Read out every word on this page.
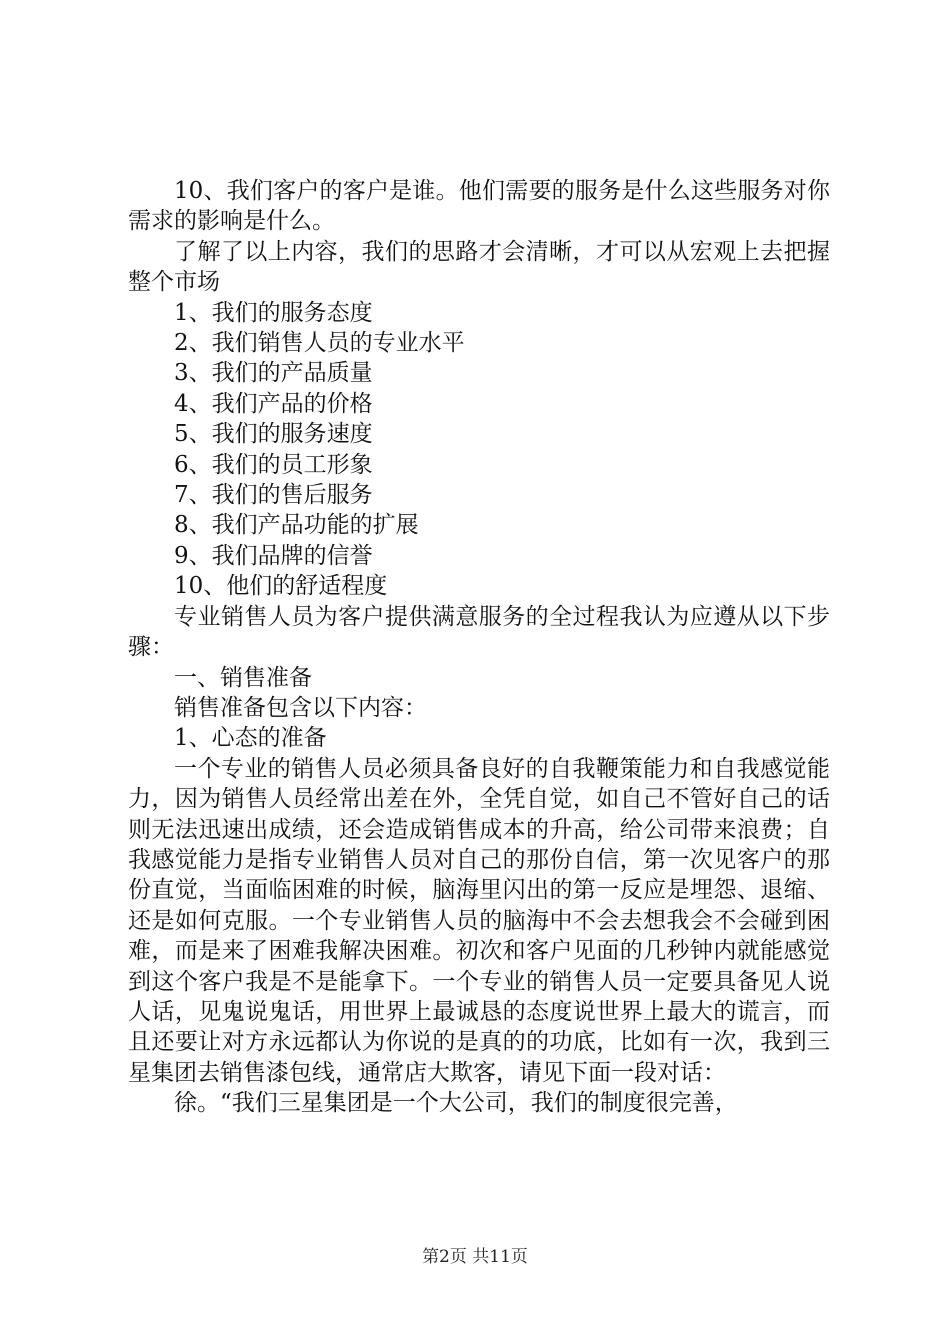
10、我们客户的客户是谁。他们需要的服务是什么这些服务对你需求的影响是什么。

了解了以上内容，我们的思路才会清晰，才可以从宏观上去把握整个市场

1、我们的服务态度

2、我们销售人员的专业水平

3、我们的产品质量

4、我们产品的价格

5、我们的服务速度

6、我们的员工形象

7、我们的售后服务

8、我们产品功能的扩展

9、我们品牌的信誉

10、他们的舒适程度

专业销售人员为客户提供满意服务的全过程我认为应遵从以下步骤：

一、销售准备

销售准备包含以下内容：

1、心态的准备

一个专业的销售人员必须具备良好的自我鞭策能力和自我感觉能力，因为销售人员经常出差在外，全凭自觉，如自己不管好自己的话则无法迅速出成绩，还会造成销售成本的升高，给公司带来浪费；自我感觉能力是指专业销售人员对自己的那份自信，第一次见客户的那份直觉，当面临困难的时候，脑海里闪出的第一反应是埋怨、退缩、还是如何克服。一个专业销售人员的脑海中不会去想我会不会碰到困难，而是来了困难我解决困难。初次和客户见面的几秒钟内就能感觉到这个客户我是不是能拿下。一个专业的销售人员一定要具备见人说人话，见鬼说鬼话，用世界上最诚恳的态度说世界上最大的谎言，而且还要让对方永远都认为你说的是真的的功底，比如有一次，我到三星集团去销售漆包线，通常店大欺客，请见下面一段对话：

徐。“我们三星集团是一个大公司，我们的制度很完善，

第2页 共11页
